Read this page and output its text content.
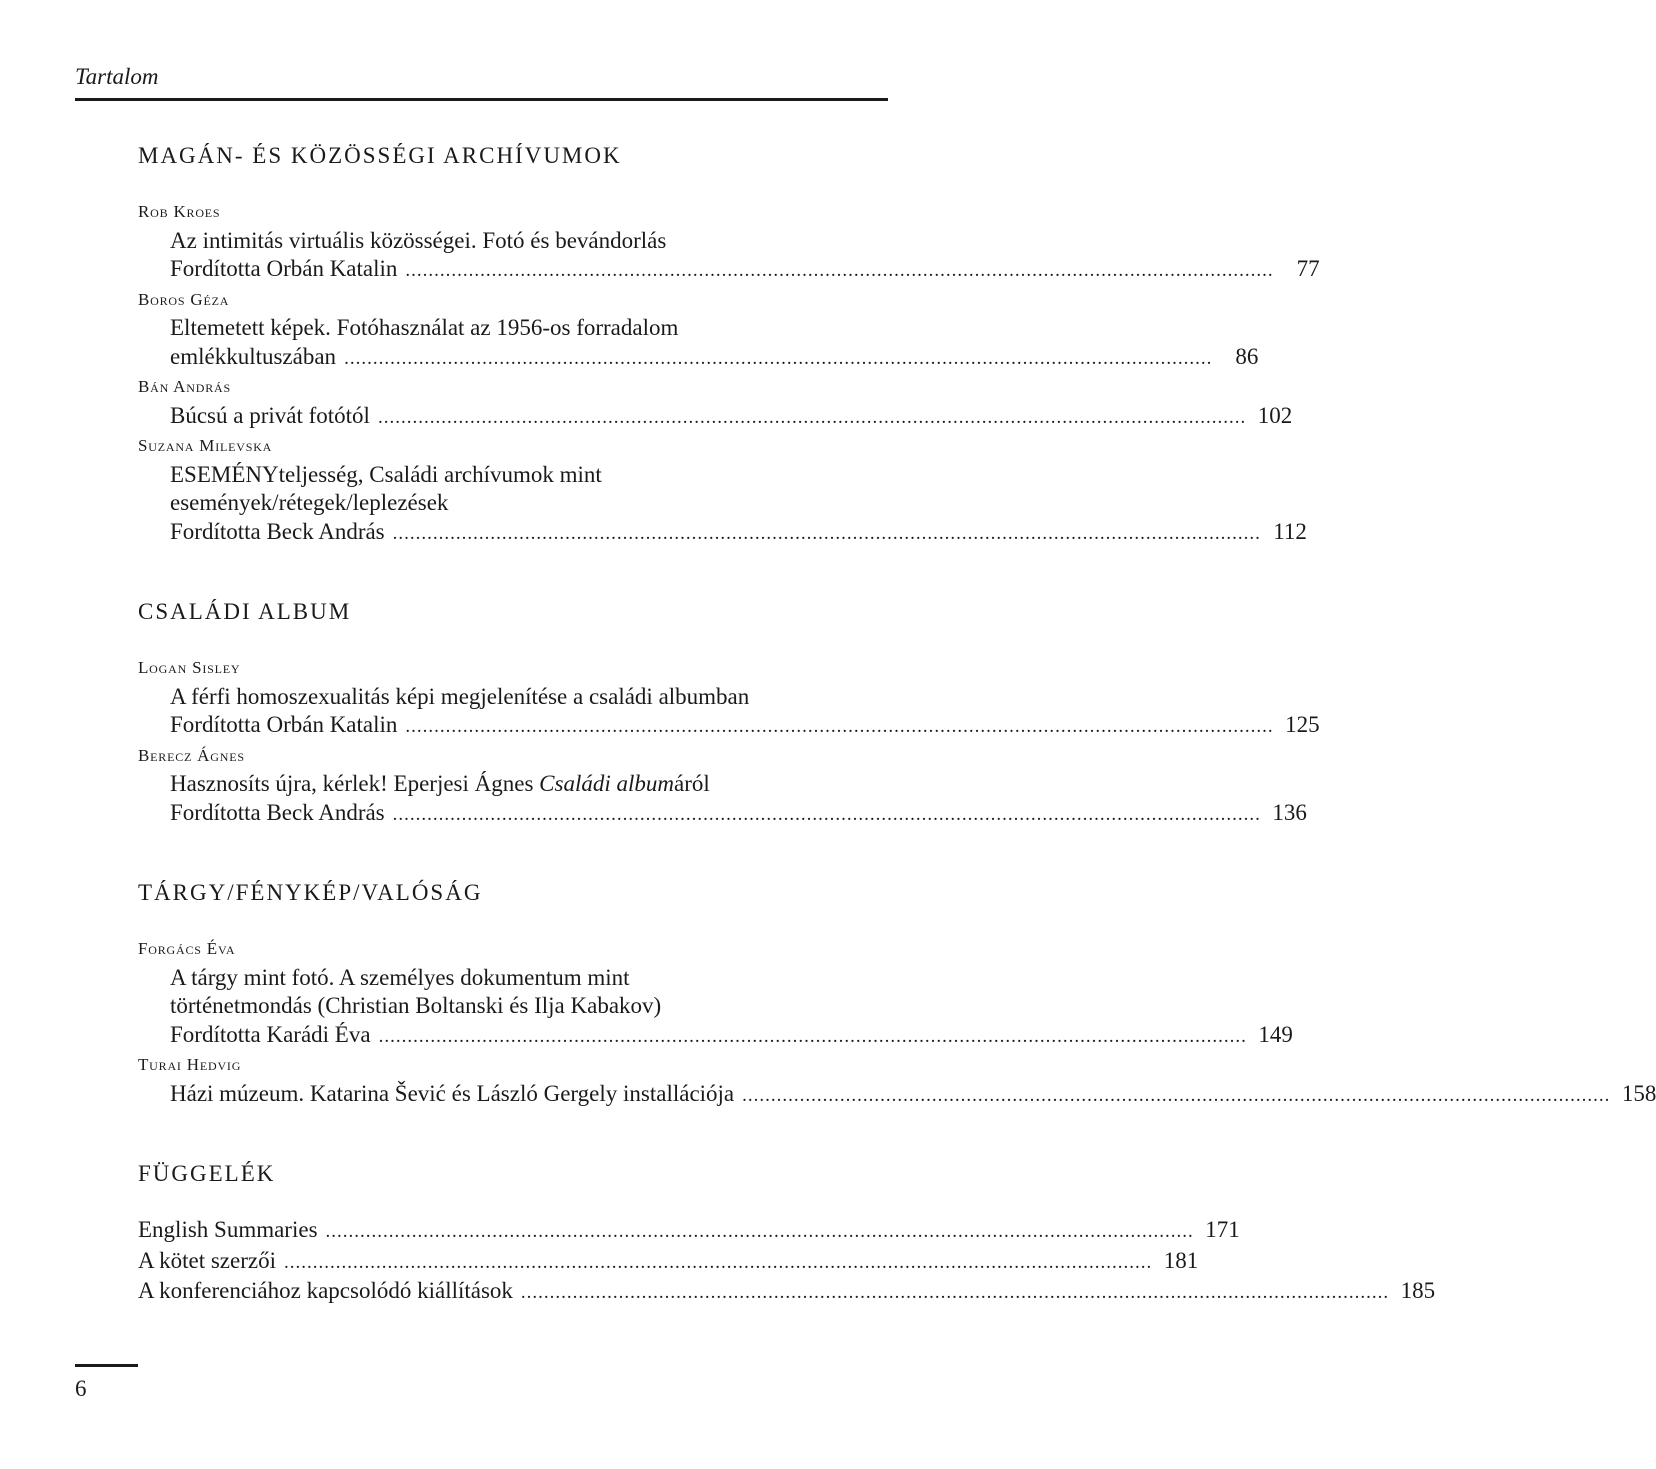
Tartalom
MAGÁN- ÉS KÖZÖSSÉGI ARCHÍVUMOK
Rob Kroes
Az intimitás virtuális közösségei. Fotó és bevándorlás
Fordította Orbán Katalin .......................................................................................................................................................	77
Boros Géza
Eltemetett képek. Fotóhasználat az 1956-os forradalom
emlékkultuszában .......................................................................................................................................................	86
Bán András
Búcsú a privát fotótól ....................................................................................................................................................... 102
Suzana Milevska
ESEMÉNYteljesség, Családi archívumok mint
események/rétegek/leplezések
Fordította Beck András ....................................................................................................................................................... 112
CSALÁDI ALBUM
Logan Sisley
A férfi homoszexualitás képi megjelenítése a családi albumban
Fordította Orbán Katalin ....................................................................................................................................................... 125
Berecz Ágnes
Hasznosíts újra, kérlek! Eperjesi Ágnes Családi albumáról
Fordította Beck András ....................................................................................................................................................... 136
TÁRGY/FÉNYKÉP/VALÓSÁG
Forgács Éva
A tárgy mint fotó. A személyes dokumentum mint
történetmondás (Christian Boltanski és Ilja Kabakov)
Fordította Karádi Éva ....................................................................................................................................................... 149
Turai Hedvig
Házi múzeum. Katarina Šević és László Gergely installációja ....................................................................................................................................................... 158
FÜGGELÉK
English Summaries ....................................................................................................................................................... 171
A kötet szerzői ....................................................................................................................................................... 181
A konferenciához kapcsolódó kiállítások ....................................................................................................................................................... 185
6
